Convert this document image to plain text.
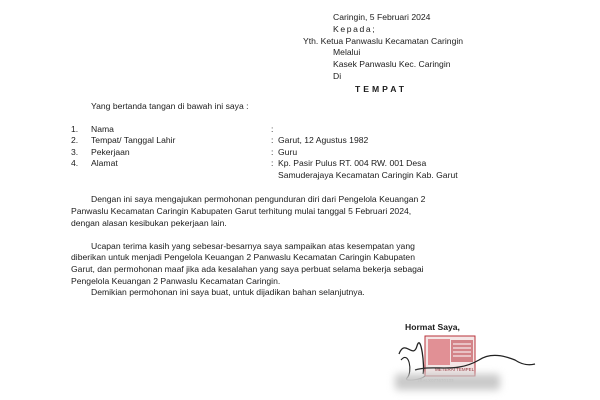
Caringin, 5 Februari 2024
Kepada;
Yth. Ketua Panwaslu Kecamatan Caringin
Melalui
Kasek Panwaslu Kec. Caringin
Di
TEMPAT
Yang bertanda tangan di bawah ini saya :
1. Nama	:
2. Tempat/ Tanggal Lahir	: Garut, 12 Agustus 1982
3. Pekerjaan	: Guru
4. Alamat	: Kp. Pasir Pulus RT. 004 RW. 001 Desa
Samuderajaya Kecamatan Caringin Kab. Garut
Dengan ini saya mengajukan permohonan pengunduran diri dari Pengelola Keuangan 2
Panwaslu Kecamatan Caringin Kabupaten Garut terhitung mulai tanggal 5 Februari 2024,
dengan alasan kesibukan pekerjaan lain.
Ucapan terima kasih yang sebesar-besarnya saya sampaikan atas kesempatan yang
diberikan untuk menjadi Pengelola Keuangan 2 Panwaslu Kecamatan Caringin Kabupaten
Garut, dan permohonan maaf jika ada kesalahan yang saya perbuat selama bekerja sebagai
Pengelola Keuangan 2 Panwaslu Kecamatan Caringin.
Demikian permohonan ini saya buat, untuk dijadikan bahan selanjutnya.
Hormat Saya,
METERAI TEMPEL
